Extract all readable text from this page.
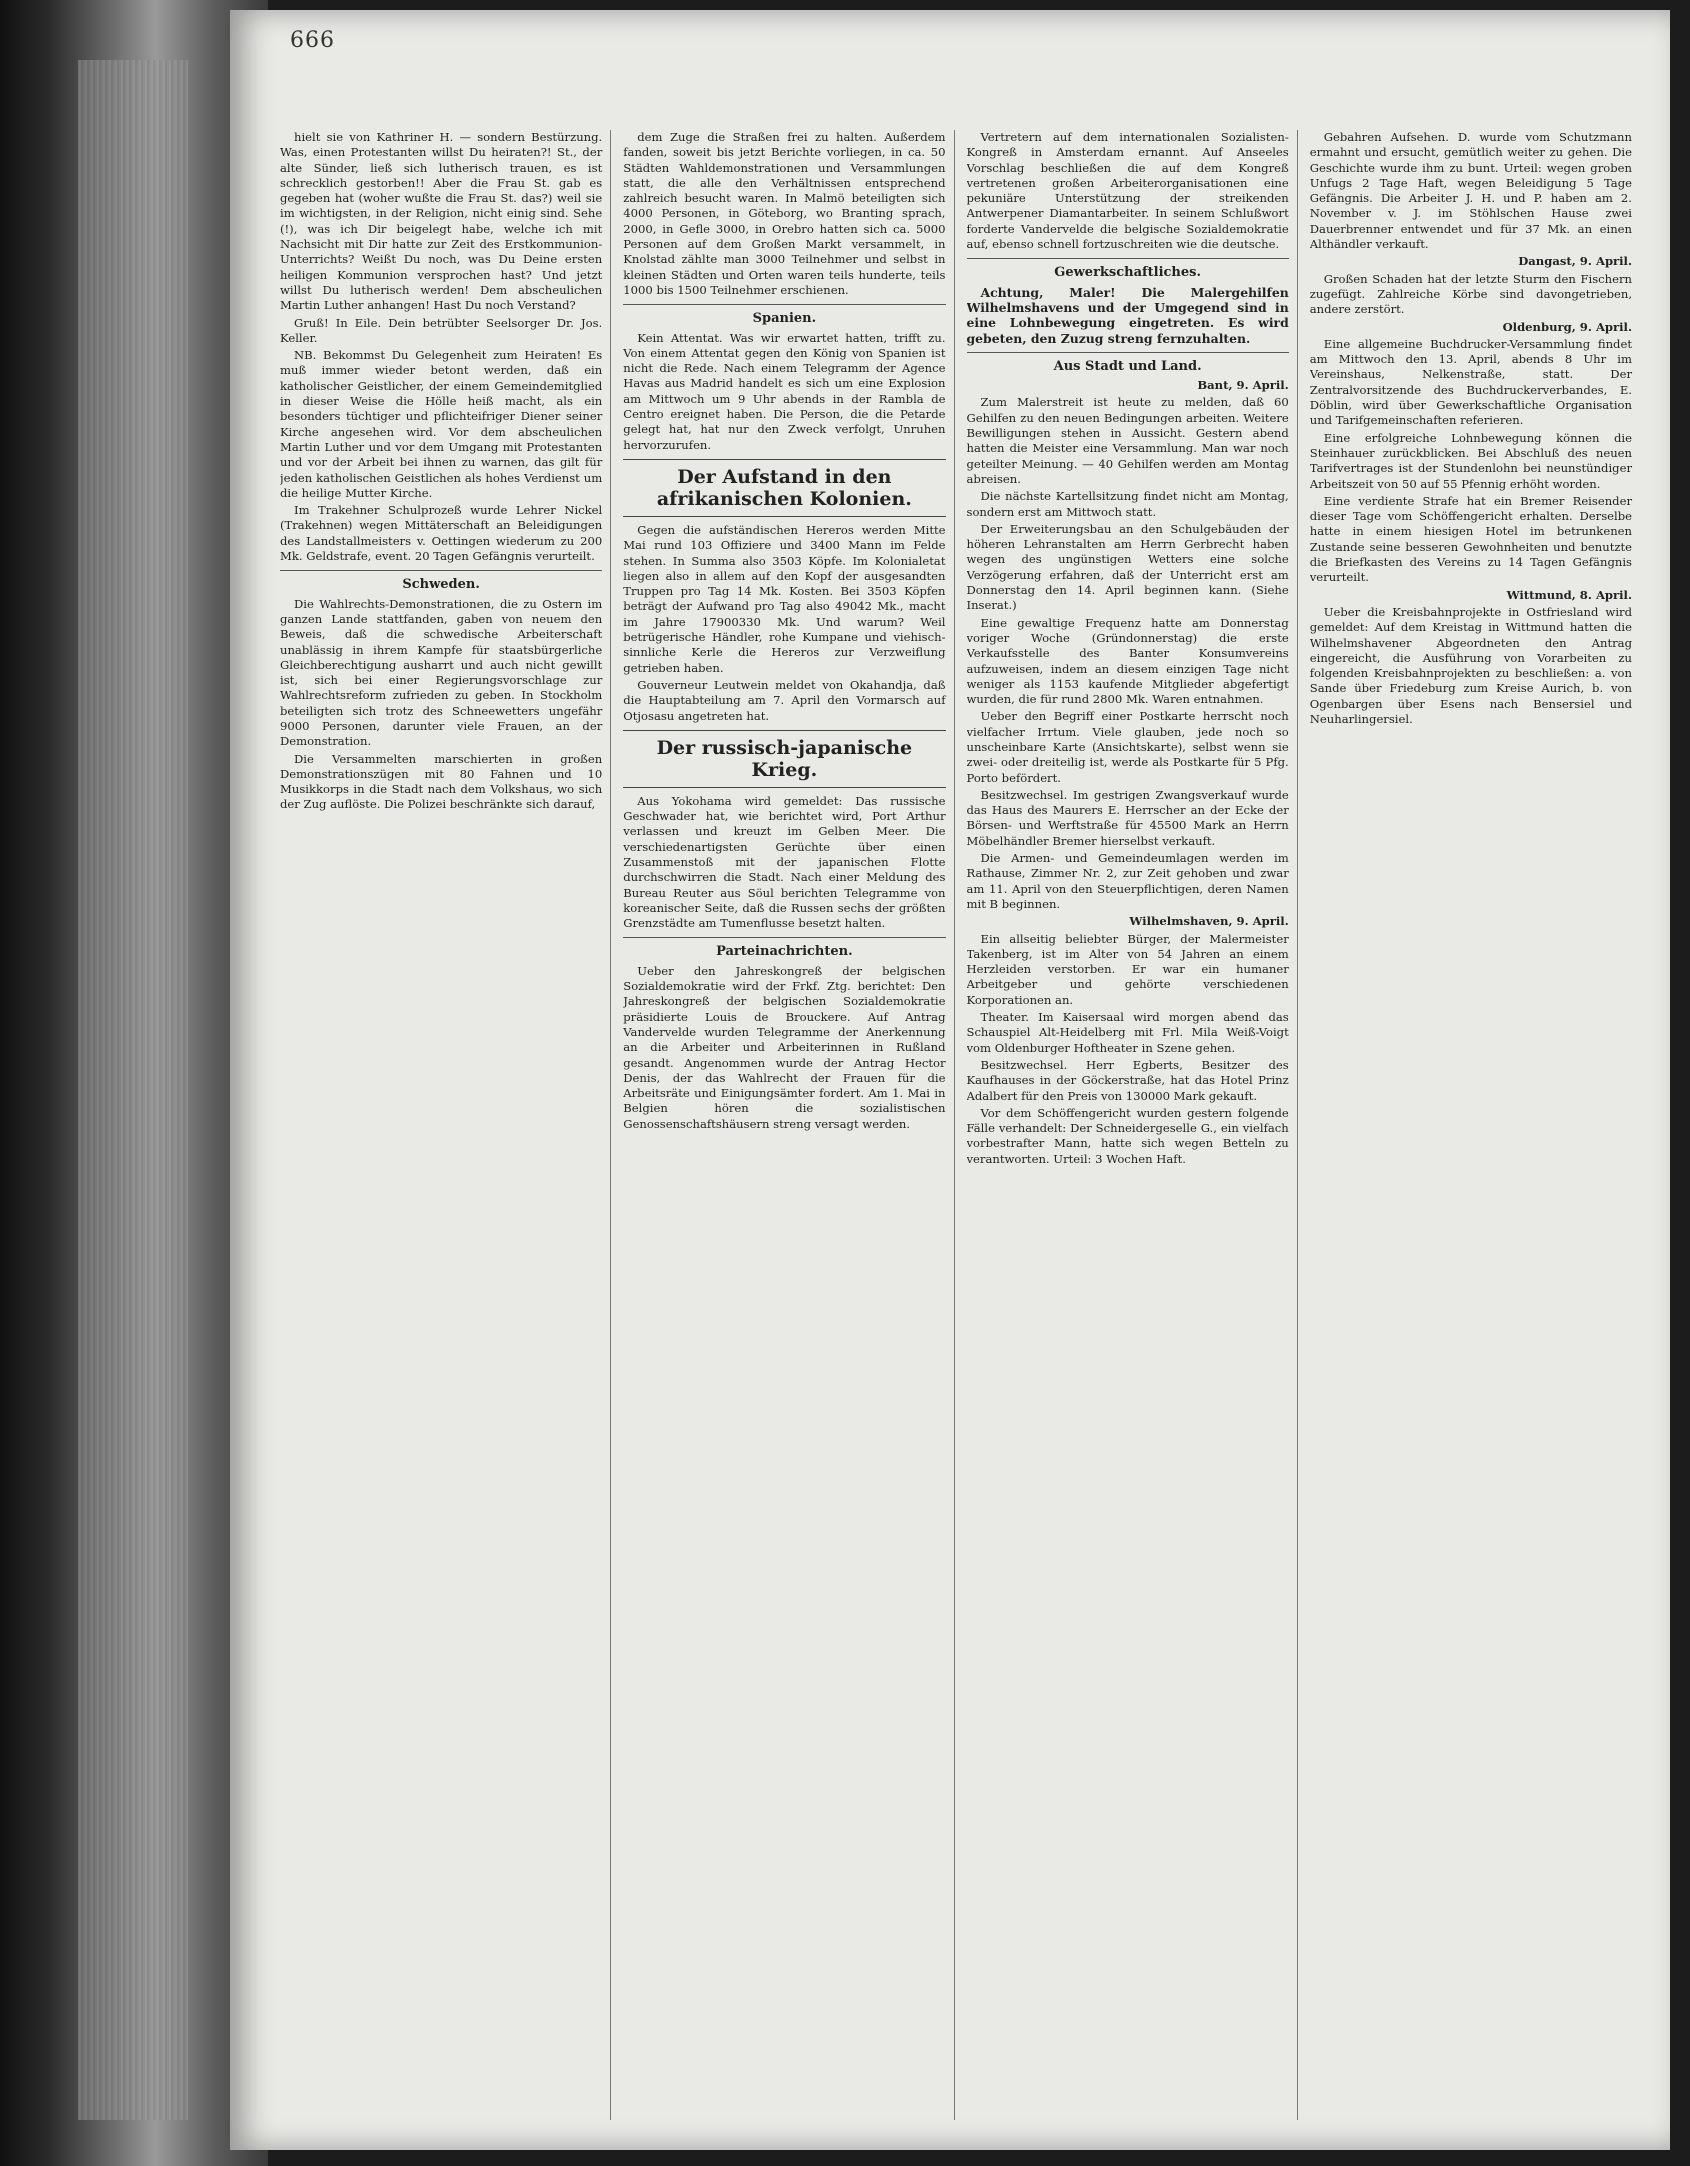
666

hielt sie von Kathriner H. — sondern Bestürzung. Was, einen Protestanten willst Du heiraten?! St., der alte Sünder, ließ sich lutherisch trauen, es ist schrecklich gestorben!! Aber die Frau St. gab es gegeben hat (woher wußte die Frau St. das?) weil sie im wichtigsten, in der Religion, nicht einig sind. Sehe (!), was ich Dir beigelegt habe, welche ich mit Nachsicht mit Dir hatte zur Zeit des Erstkommunion-Unterrichts? Weißt Du noch, was Du Deine ersten heiligen Kommunion versprochen hast? Und jetzt willst Du lutherisch werden! Dem abscheulichen Martin Luther anhangen! Hast Du noch Verstand?

Gruß! In Eile. Dein betrübter Seelsorger Dr. Jos. Keller.

NB. Bekommst Du Gelegenheit zum Heiraten! Es muß immer wieder betont werden, daß ein katholischer Geistlicher, der einem Gemeindemitglied in dieser Weise die Hölle heiß macht, als ein besonders tüchtiger und pflichteifriger Diener seiner Kirche angesehen wird. Vor dem abscheulichen Martin Luther und vor dem Umgang mit Protestanten und vor der Arbeit bei ihnen zu warnen, das gilt für jeden katholischen Geistlichen als hohes Verdienst um die heilige Mutter Kirche.

Im Trakehner Schulprozeß wurde Lehrer Nickel (Trakehnen) wegen Mittäterschaft an Beleidigungen des Landstallmeisters v. Oettingen wiederum zu 200 Mk. Geldstrafe, event. 20 Tagen Gefängnis verurteilt.

Schweden.

Die Wahlrechts-Demonstrationen, die zu Ostern im ganzen Lande stattfanden, gaben von neuem den Beweis, daß die schwedische Arbeiterschaft unablässig in ihrem Kampfe für staatsbürgerliche Gleichberechtigung ausharrt und auch nicht gewillt ist, sich bei einer Regierungsvorschlage zur Wahlrechtsreform zufrieden zu geben. In Stockholm beteiligten sich trotz des Schneewetters ungefähr 9000 Personen, darunter viele Frauen, an der Demonstration.

Die Versammelten marschierten in großen Demonstrationszügen mit 80 Fahnen und 10 Musikkorps in die Stadt nach dem Volkshaus, wo sich der Zug auflöste. Die Polizei beschränkte sich darauf,

dem Zuge die Straßen frei zu halten. Außerdem fanden, soweit bis jetzt Berichte vorliegen, in ca. 50 Städten Wahldemonstrationen und Versammlungen statt, die alle den Verhältnissen entsprechend zahlreich besucht waren. In Malmö beteiligten sich 4000 Personen, in Göteborg, wo Branting sprach, 2000, in Gefle 3000, in Orebro hatten sich ca. 5000 Personen auf dem Großen Markt versammelt, in Knolstad zählte man 3000 Teilnehmer und selbst in kleinen Städten und Orten waren teils hunderte, teils 1000 bis 1500 Teilnehmer erschienen.

Spanien.

Kein Attentat. Was wir erwartet hatten, trifft zu. Von einem Attentat gegen den König von Spanien ist nicht die Rede. Nach einem Telegramm der Agence Havas aus Madrid handelt es sich um eine Explosion am Mittwoch um 9 Uhr abends in der Rambla de Centro ereignet haben. Die Person, die die Petarde gelegt hat, hat nur den Zweck verfolgt, Unruhen hervorzurufen.

Der Aufstand in den afrikanischen Kolonien.

Gegen die aufständischen Hereros werden Mitte Mai rund 103 Offiziere und 3400 Mann im Felde stehen. In Summa also 3503 Köpfe. Im Kolonialetat liegen also in allem auf den Kopf der ausgesandten Truppen pro Tag 14 Mk. Kosten. Bei 3503 Köpfen beträgt der Aufwand pro Tag also 49042 Mk., macht im Jahre 17900330 Mk. Und warum? Weil betrügerische Händler, rohe Kumpane und viehisch-sinnliche Kerle die Hereros zur Verzweiflung getrieben haben.

Gouverneur Leutwein meldet von Okahandja, daß die Hauptabteilung am 7. April den Vormarsch auf Otjosasu angetreten hat.

Der russisch-japanische Krieg.

Aus Yokohama wird gemeldet: Das russische Geschwader hat, wie berichtet wird, Port Arthur verlassen und kreuzt im Gelben Meer. Die verschiedenartigsten Gerüchte über einen Zusammenstoß mit der japanischen Flotte durchschwirren die Stadt. Nach einer Meldung des Bureau Reuter aus Söul berichten Telegramme von koreanischer Seite, daß die Russen sechs der größten Grenzstädte am Tumenflusse besetzt halten.

Parteinachrichten.

Ueber den Jahreskongreß der belgischen Sozialdemokratie wird der Frkf. Ztg. berichtet: Den Jahreskongreß der belgischen Sozialdemokratie präsidierte Louis de Brouckere. Auf Antrag Vandervelde wurden Telegramme der Anerkennung an die Arbeiter und Arbeiterinnen in Rußland gesandt. Angenommen wurde der Antrag Hector Denis, der das Wahlrecht der Frauen für die Arbeitsräte und Einigungsämter fordert. Am 1. Mai in Belgien hören die sozialistischen Genossenschaftshäusern streng versagt werden.

Vertretern auf dem internationalen Sozialisten-Kongreß in Amsterdam ernannt. Auf Anseeles Vorschlag beschließen die auf dem Kongreß vertretenen großen Arbeiterorganisationen eine pekuniäre Unterstützung der streikenden Antwerpener Diamantarbeiter. In seinem Schlußwort forderte Vandervelde die belgische Sozialdemokratie auf, ebenso schnell fortzuschreiten wie die deutsche.

Gewerkschaftliches.

Achtung, Maler! Die Malergehilfen Wilhelmshavens und der Umgegend sind in eine Lohnbewegung eingetreten. Es wird gebeten, den Zuzug streng fernzuhalten.

Aus Stadt und Land.
Bant, 9. April.

Zum Malerstreit ist heute zu melden, daß 60 Gehilfen zu den neuen Bedingungen arbeiten. Weitere Bewilligungen stehen in Aussicht. Gestern abend hatten die Meister eine Versammlung. Man war noch geteilter Meinung. — 40 Gehilfen werden am Montag abreisen.

Die nächste Kartellsitzung findet nicht am Montag, sondern erst am Mittwoch statt.

Der Erweiterungsbau an den Schulgebäuden der höheren Lehranstalten am Herrn Gerbrecht haben wegen des ungünstigen Wetters eine solche Verzögerung erfahren, daß der Unterricht erst am Donnerstag den 14. April beginnen kann. (Siehe Inserat.)

Eine gewaltige Frequenz hatte am Donnerstag voriger Woche (Gründonnerstag) die erste Verkaufsstelle des Banter Konsumvereins aufzuweisen, indem an diesem einzigen Tage nicht weniger als 1153 kaufende Mitglieder abgefertigt wurden, die für rund 2800 Mk. Waren entnahmen.

Ueber den Begriff einer Postkarte herrscht noch vielfacher Irrtum. Viele glauben, jede noch so unscheinbare Karte (Ansichtskarte), selbst wenn sie zwei- oder dreiteilig ist, werde als Postkarte für 5 Pfg. Porto befördert.

Besitzwechsel. Im gestrigen Zwangsverkauf wurde das Haus des Maurers E. Herrscher an der Ecke der Börsen- und Werftstraße für 45500 Mark an Herrn Möbelhändler Bremer hierselbst verkauft.

Die Armen- und Gemeindeumlagen werden im Rathause, Zimmer Nr. 2, zur Zeit gehoben und zwar am 11. April von den Steuerpflichtigen, deren Namen mit B beginnen.

Wilhelmshaven, 9. April.

Ein allseitig beliebter Bürger, der Malermeister Takenberg, ist im Alter von 54 Jahren an einem Herzleiden verstorben. Er war ein humaner Arbeitgeber und gehörte verschiedenen Korporationen an.

Theater. Im Kaisersaal wird morgen abend das Schauspiel Alt-Heidelberg mit Frl. Mila Weiß-Voigt vom Oldenburger Hoftheater in Szene gehen.

Besitzwechsel. Herr Egberts, Besitzer des Kaufhauses in der Göckerstraße, hat das Hotel Prinz Adalbert für den Preis von 130000 Mark gekauft.

Vor dem Schöffengericht wurden gestern folgende Fälle verhandelt: Der Schneidergeselle G., ein vielfach vorbestrafter Mann, hatte sich wegen Betteln zu verantworten. Urteil: 3 Wochen Haft.

Gebahren Aufsehen. D. wurde vom Schutzmann ermahnt und ersucht, gemütlich weiter zu gehen. Die Geschichte wurde ihm zu bunt. Urteil: wegen groben Unfugs 2 Tage Haft, wegen Beleidigung 5 Tage Gefängnis. Die Arbeiter J. H. und P. haben am 2. November v. J. im Stöhlschen Hause zwei Dauerbrenner entwendet und für 37 Mk. an einen Althändler verkauft.

Dangast, 9. April.

Großen Schaden hat der letzte Sturm den Fischern zugefügt. Zahlreiche Körbe sind davongetrieben, andere zerstört.

Oldenburg, 9. April.

Eine allgemeine Buchdrucker-Versammlung findet am Mittwoch den 13. April, abends 8 Uhr im Vereinshaus, Nelkenstraße, statt. Der Zentralvorsitzende des Buchdruckerverbandes, E. Döblin, wird über Gewerkschaftliche Organisation und Tarifgemeinschaften referieren.

Eine erfolgreiche Lohnbewegung können die Steinhauer zurückblicken. Bei Abschluß des neuen Tarifvertrages ist der Stundenlohn bei neunstündiger Arbeitszeit von 50 auf 55 Pfennig erhöht worden.

Eine verdiente Strafe hat ein Bremer Reisender dieser Tage vom Schöffengericht erhalten. Derselbe hatte in einem hiesigen Hotel im betrunkenen Zustande seine besseren Gewohnheiten und benutzte die Briefkasten des Vereins zu 14 Tagen Gefängnis verurteilt.

Wittmund, 8. April.

Ueber die Kreisbahnprojekte in Ostfriesland wird gemeldet: Auf dem Kreistag in Wittmund hatten die Wilhelmshavener Abgeordneten den Antrag eingereicht, die Ausführung von Vorarbeiten zu folgenden Kreisbahnprojekten zu beschließen: a. von Sande über Friedeburg zum Kreise Aurich, b. von Ogenbargen über Esens nach Bensersiel und Neuharlingersiel.
